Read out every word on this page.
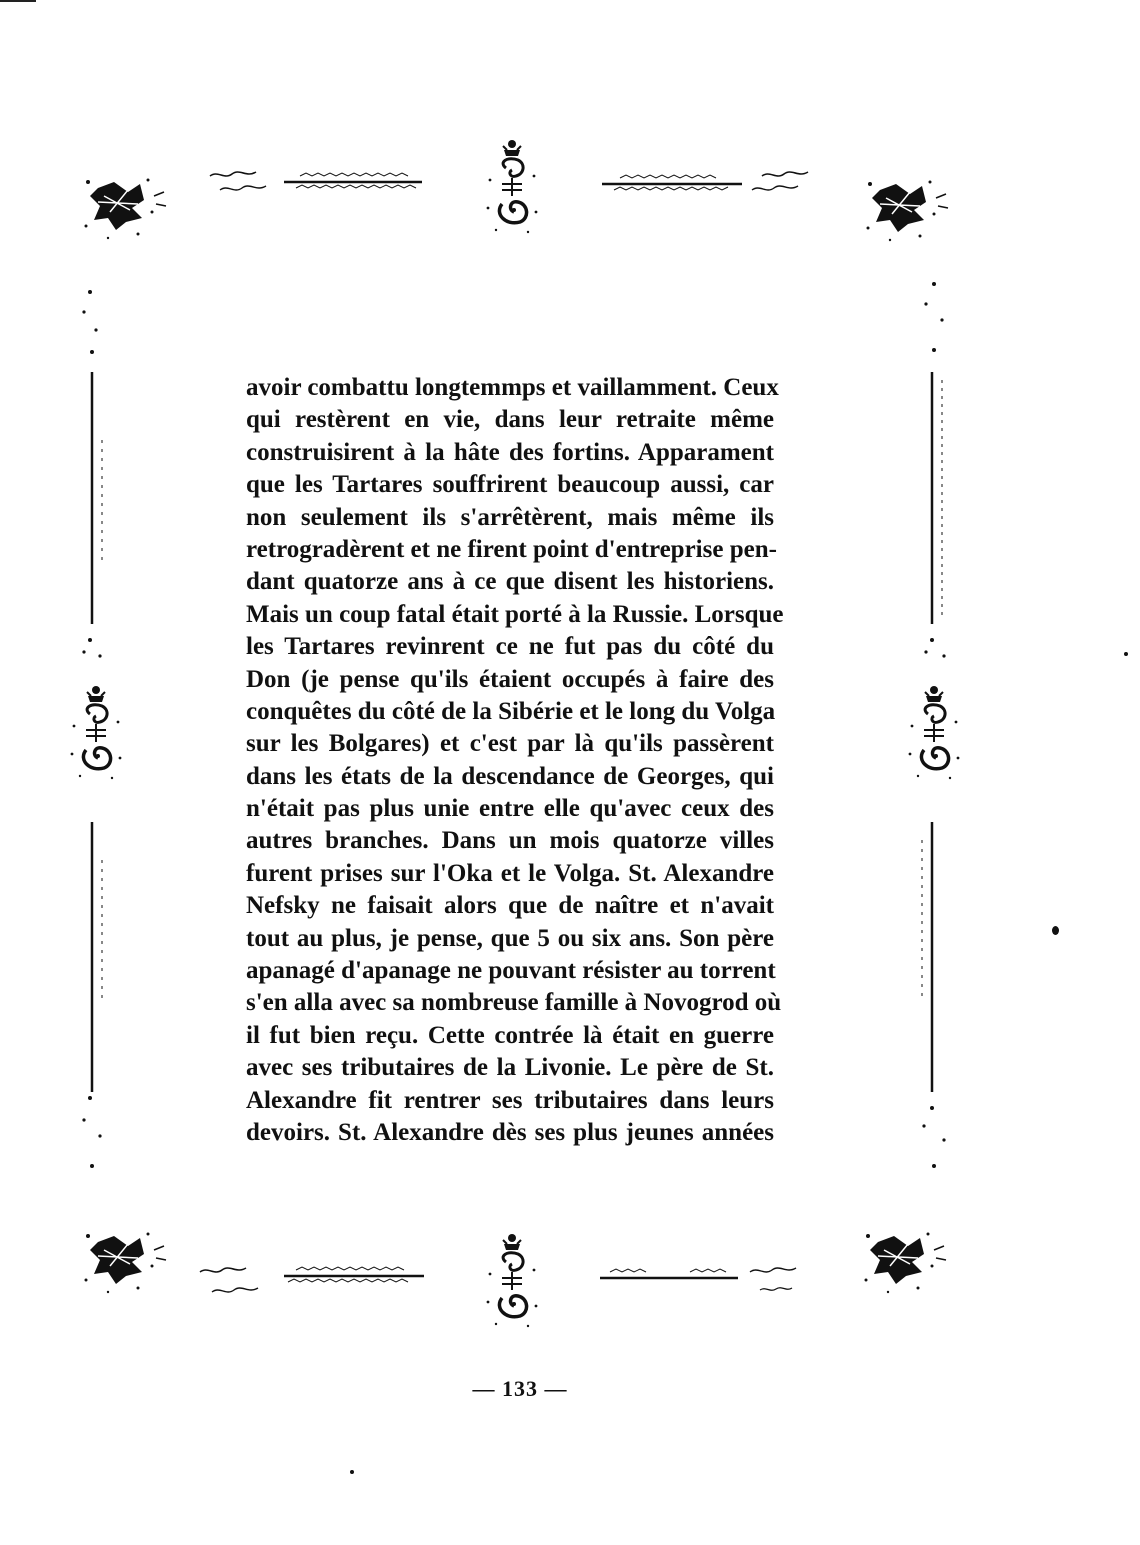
avoir combattu longtemmps et vaillamment. Ceux
qui restèrent en vie, dans leur retraite même
construisirent à la hâte des fortins. Apparament
que les Tartares souffrirent beaucoup aussi, car
non seulement ils s'arrêtèrent, mais même ils
retrogradèrent et ne firent point d'entreprise pen-
dant quatorze ans à ce que disent les historiens.
Mais un coup fatal était porté à la Russie. Lorsque
les Tartares revinrent ce ne fut pas du côté du
Don (je pense qu'ils étaient occupés à faire des
conquêtes du côté de la Sibérie et le long du Volga
sur les Bolgares) et c'est par là qu'ils passèrent
dans les états de la descendance de Georges, qui
n'était pas plus unie entre elle qu'avec ceux des
autres branches. Dans un mois quatorze villes
furent prises sur l'Oka et le Volga. St. Alexandre
Nefsky ne faisait alors que de naître et n'avait
tout au plus, je pense, que 5 ou six ans. Son père
apanagé d'apanage ne pouvant résister au torrent
s'en alla avec sa nombreuse famille à Novogrod où
il fut bien reçu. Cette contrée là était en guerre
avec ses tributaires de la Livonie. Le père de St.
Alexandre fit rentrer ses tributaires dans leurs
devoirs. St. Alexandre dès ses plus jeunes années
— 133 —
